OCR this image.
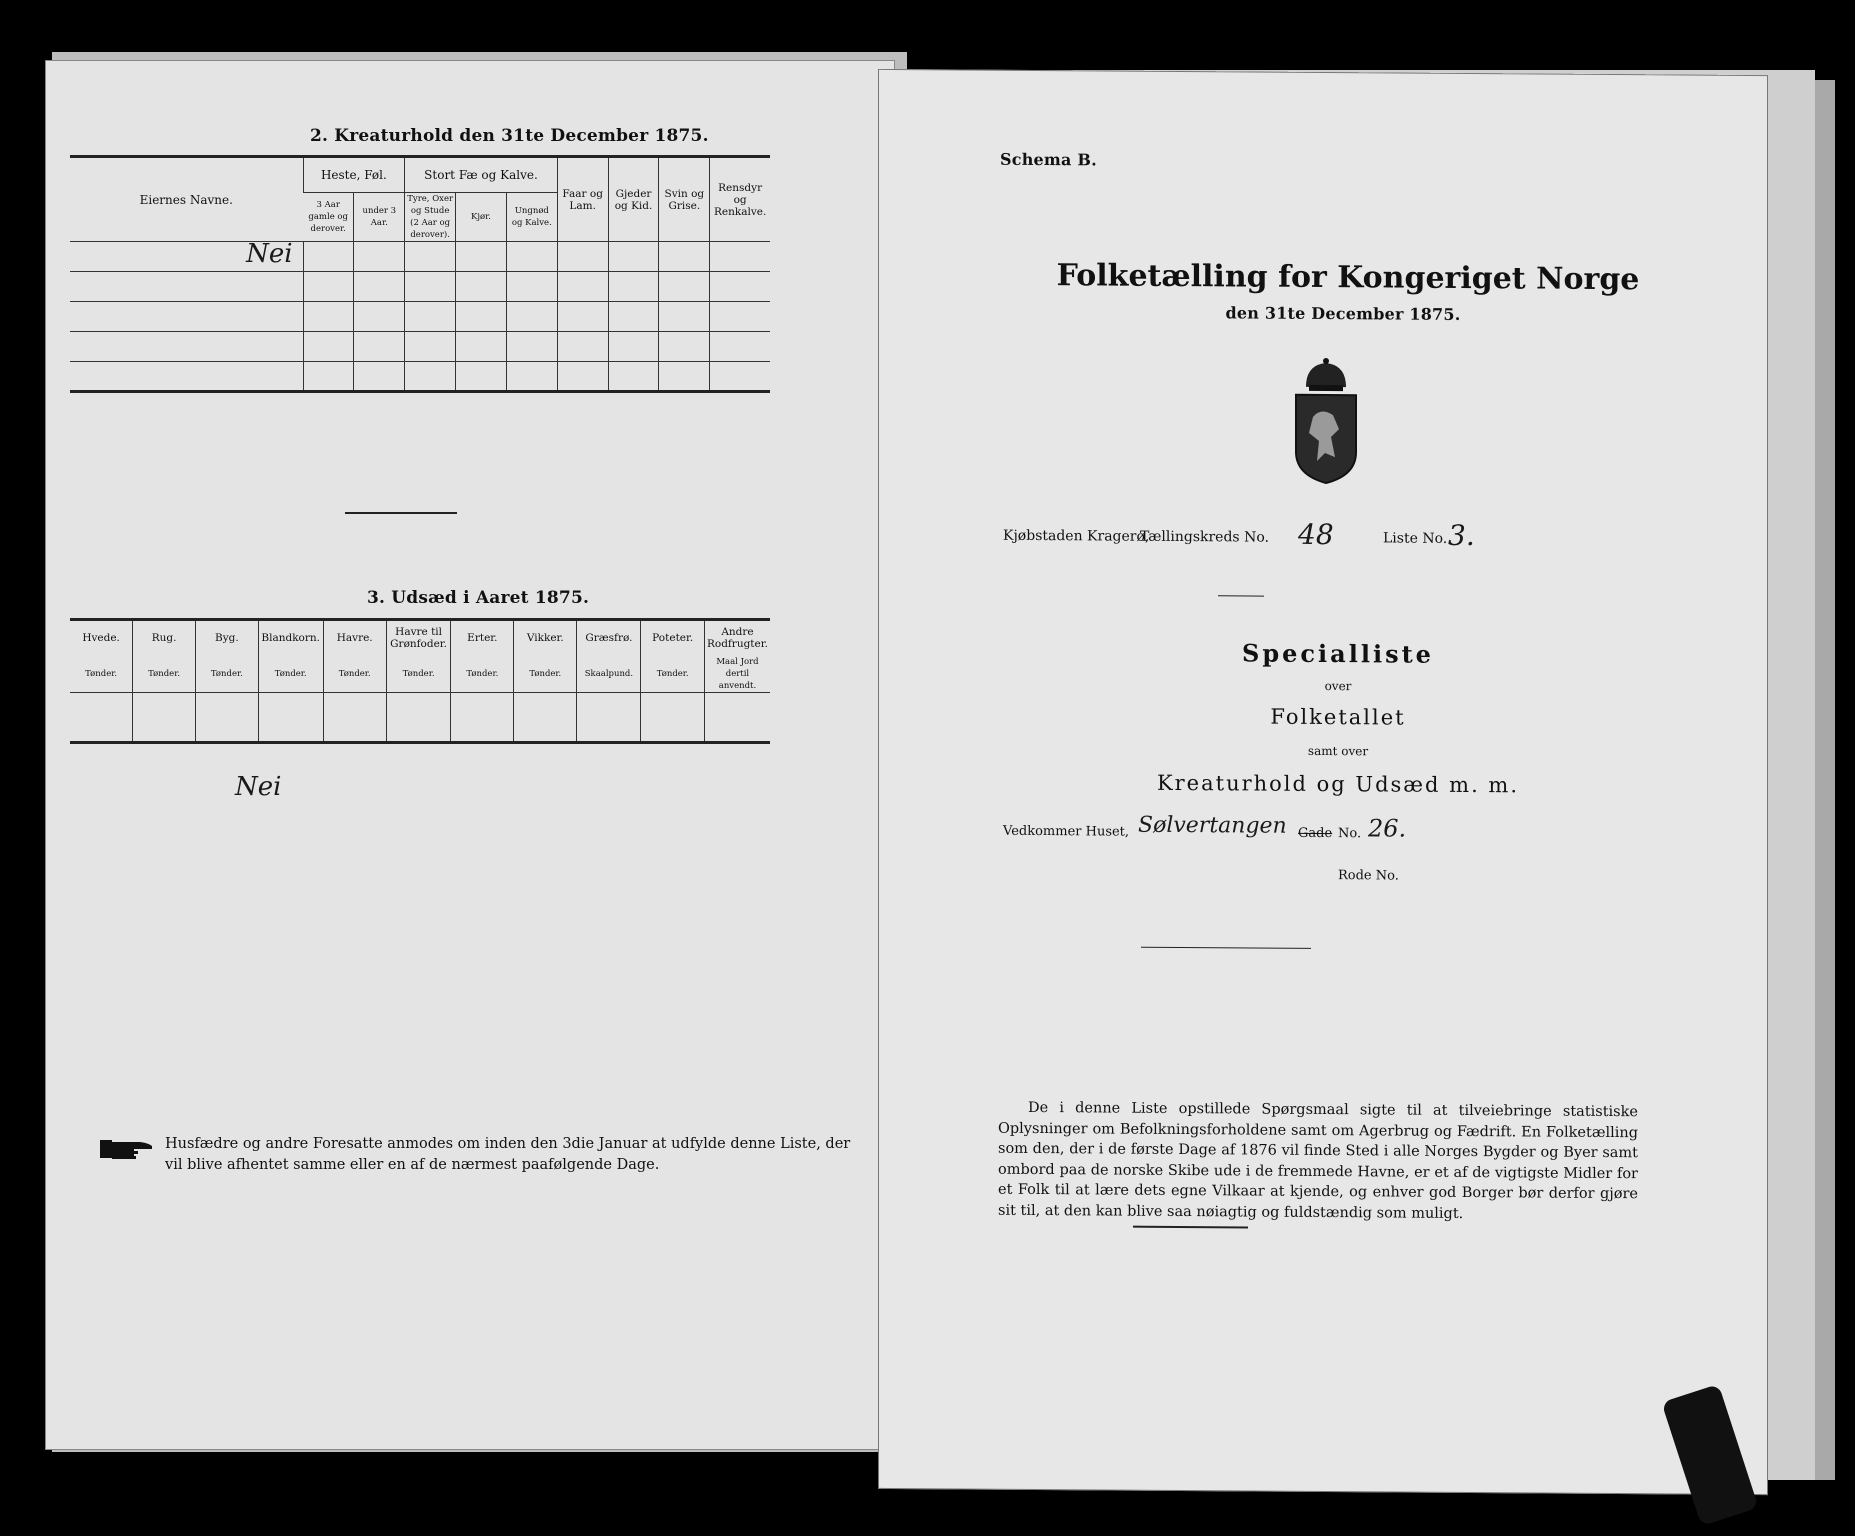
2. Kreaturhold den 31te December 1875.
Eiernes Navne.	Heste, Føl.		Stort Fæ og Kalve.			Faar og Lam.	Gjeder og Kid.	Svin og Grise.	Rensdyr og Renkalve.
	3 Aar gamle og derover.	under 3 Aar.	Tyre, Oxer og Stude (2 Aar og derover).	Kjør.	Ungnød og Kalve.				
Nei									

3. Udsæd i Aaret 1875.
Hvede.	Rug.	Byg.	Blandkorn.	Havre.	Havre til Grønfoder.	Erter.	Vikker.	Græsfrø.	Poteter.	Andre Rodfrugter.
Tønder.	Tønder.	Tønder.	Tønder.	Tønder.	Tønder.	Tønder.	Tønder.	Skaalpund.	Tønder.	Maal Jord dertil anvendt.

Nei
Husfædre og andre Foresatte anmodes om inden den 3die Januar at udfylde denne Liste, der vil blive afhentet samme eller en af de nærmest paafølgende Dage.
Schema B.
Folketælling for Kongeriget Norge
den 31te December 1875.
Kjøbstaden Kragerø,
Tællingskreds No. 48	Liste No. 3.
Specialliste
over
Folketallet
samt over
Kreaturhold og Udsæd m. m.
Vedkommer Huset, Sølvertangen Gade No. 26.
Rode No.
De i denne Liste opstillede Spørgsmaal sigte til at tilveiebringe statistiske Oplysninger om Befolkningsforholdene samt om Agerbrug og Fædrift. En Folketælling som den, der i de første Dage af 1876 vil finde Sted i alle Norges Bygder og Byer samt ombord paa de norske Skibe ude i de fremmede Havne, er et af de vigtigste Midler for et Folk til at lære dets egne Vilkaar at kjende, og enhver god Borger bør derfor gjøre sit til, at den kan blive saa nøiagtig og fuldstændig som muligt.
